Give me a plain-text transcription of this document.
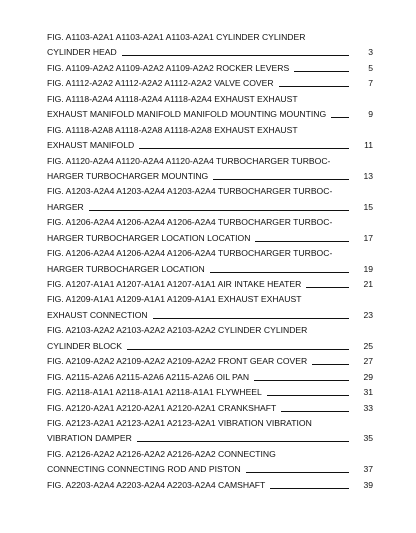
FIG. A1103-A2A1 A1103-A2A1 A1103-A2A1 CYLINDER CYLINDER
CYLINDER HEAD	3
FIG. A1109-A2A2 A1109-A2A2 A1109-A2A2 ROCKER LEVERS	5
FIG. A1112-A2A2 A1112-A2A2 A1112-A2A2 VALVE COVER	7
FIG. A1118-A2A4 A1118-A2A4 A1118-A2A4 EXHAUST EXHAUST
EXHAUST MANIFOLD MANIFOLD MANIFOLD MOUNTING MOUNTING	9
FIG. A1118-A2A8 A1118-A2A8 A1118-A2A8 EXHAUST EXHAUST
EXHAUST MANIFOLD	11
FIG. A1120-A2A4 A1120-A2A4 A1120-A2A4 TURBOCHARGER TURBOC-
HARGER TURBOCHARGER MOUNTING	13
FIG. A1203-A2A4 A1203-A2A4 A1203-A2A4 TURBOCHARGER TURBOC-
HARGER	15
FIG. A1206-A2A4 A1206-A2A4 A1206-A2A4 TURBOCHARGER TURBOC-
HARGER TURBOCHARGER LOCATION LOCATION	17
FIG. A1206-A2A4 A1206-A2A4 A1206-A2A4 TURBOCHARGER TURBOC-
HARGER TURBOCHARGER LOCATION	19
FIG. A1207-A1A1 A1207-A1A1 A1207-A1A1 AIR INTAKE HEATER	21
FIG. A1209-A1A1 A1209-A1A1 A1209-A1A1 EXHAUST EXHAUST
EXHAUST CONNECTION	23
FIG. A2103-A2A2 A2103-A2A2 A2103-A2A2 CYLINDER CYLINDER
CYLINDER BLOCK	25
FIG. A2109-A2A2 A2109-A2A2 A2109-A2A2 FRONT GEAR COVER	27
FIG. A2115-A2A6 A2115-A2A6 A2115-A2A6 OIL PAN	29
FIG. A2118-A1A1 A2118-A1A1 A2118-A1A1 FLYWHEEL	31
FIG. A2120-A2A1 A2120-A2A1 A2120-A2A1 CRANKSHAFT	33
FIG. A2123-A2A1 A2123-A2A1 A2123-A2A1 VIBRATION VIBRATION
VIBRATION DAMPER	35
FIG. A2126-A2A2 A2126-A2A2 A2126-A2A2 CONNECTING
CONNECTING CONNECTING ROD AND PISTON	37
FIG. A2203-A2A4 A2203-A2A4 A2203-A2A4 CAMSHAFT	39
